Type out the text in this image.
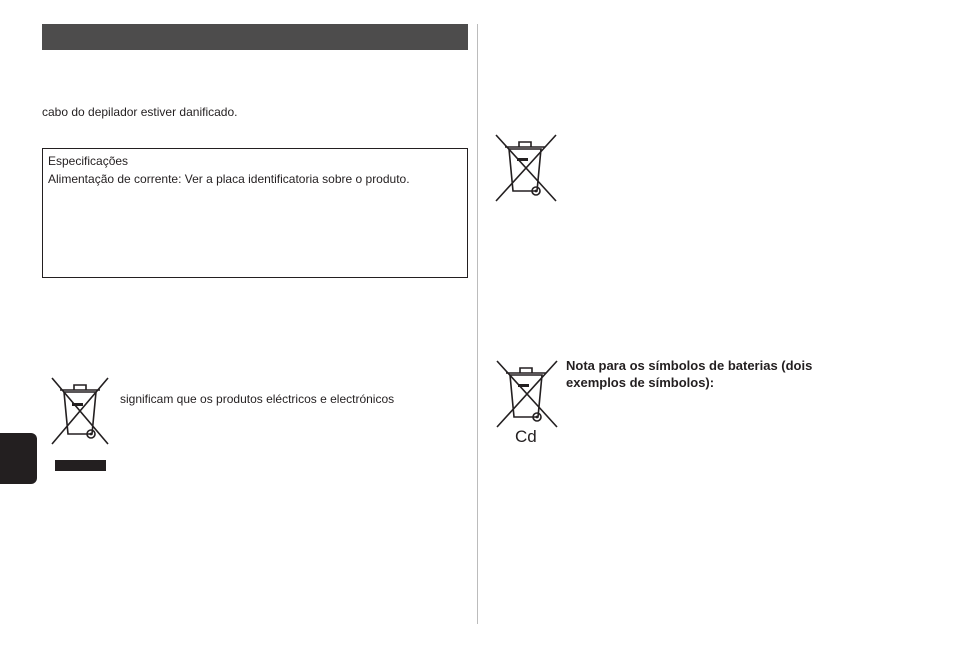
cabo do depilador estiver danificado.
Especificações
Alimentação de corrente: Ver a placa identificatoria sobre o produto.
significam que os produtos eléctricos e electrónicos
Cd
Nota para os símbolos de baterias (dois exemplos de símbolos):
